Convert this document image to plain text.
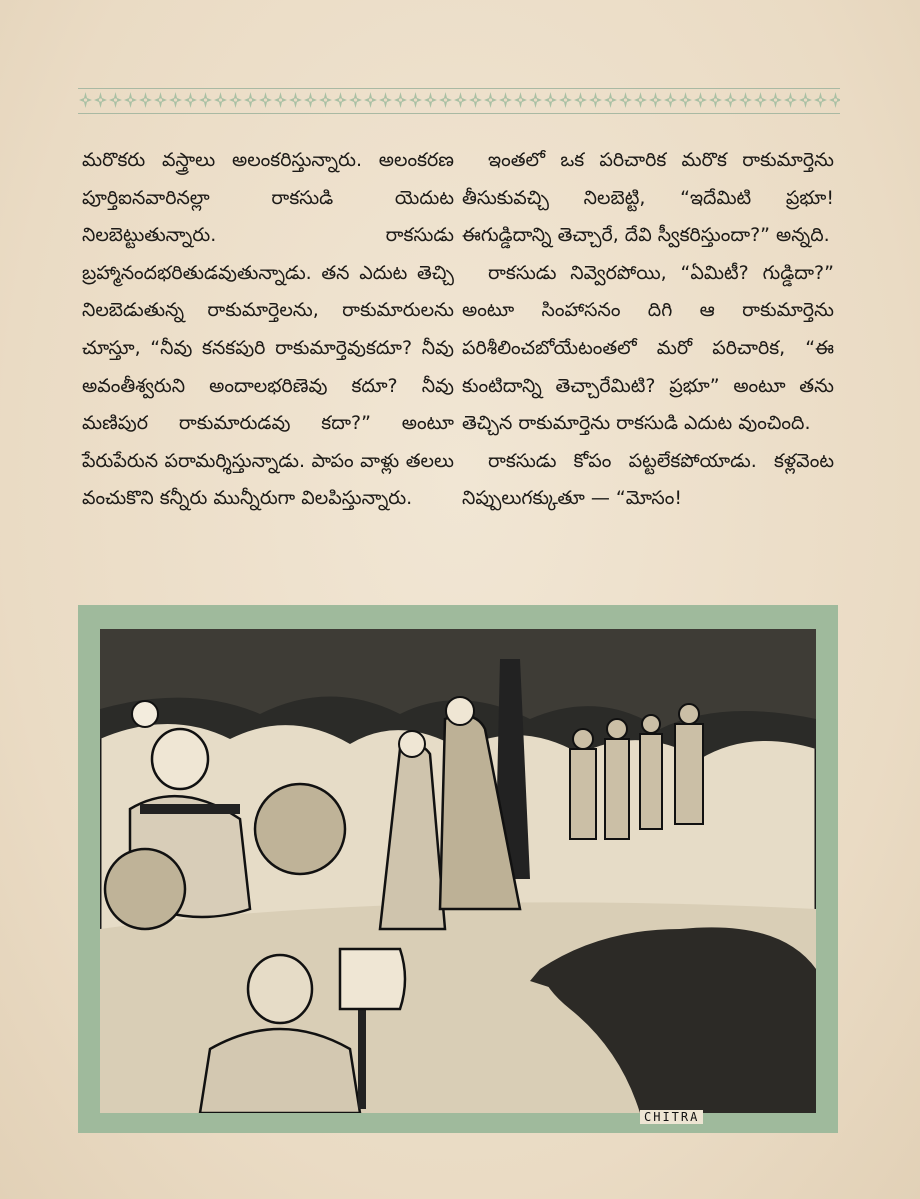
మరొకరు వస్త్రాలు అలంకరిస్తున్నారు. అలంకరణ పూర్తిఐనవారినల్లా రాకసుడి యెదుట నిలబెట్టుతున్నారు. రాకసుడు బ్రహ్మానందభరితుడవుతున్నాడు. తన ఎదుట తెచ్చి నిలబెడుతున్న రాకుమార్తెలను, రాకుమారులను చూస్తూ, “నీవు కనకపురి రాకుమార్తెవుకదూ? నీవు అవంతీశ్వరుని అందాలభరిణెవు కదూ? నీవు మణిపుర రాకుమారుడవు కదా?” అంటూ పేరుపేరున పరామర్శిస్తున్నాడు. పాపం వాళ్లు తలలు వంచుకొని కన్నీరు మున్నీరుగా విలపిస్తున్నారు.

ఇంతలో ఒక పరిచారిక మరొక రాకుమార్తెను తీసుకువచ్చి నిలబెట్టి, “ఇదేమిటి ప్రభూ! ఈగుడ్డిదాన్ని తెచ్చారే, దేవి స్వీకరిస్తుందా?” అన్నది.

రాకసుడు నివ్వెరపోయి, “ఏమిటీ? గుడ్డిదా?” అంటూ సింహాసనం దిగి ఆ రాకుమార్తెను పరిశీలించబోయేటంతలో మరో పరిచారిక, “ఈ కుంటిదాన్ని తెచ్చారేమిటి? ప్రభూ” అంటూ తను తెచ్చిన రాకుమార్తెను రాకసుడి ఎదుట వుంచింది.

రాకసుడు కోపం పట్టలేకపోయాడు. కళ్లవెంట నిప్పులుగక్కుతూ — “మోసం!

CHITRA
